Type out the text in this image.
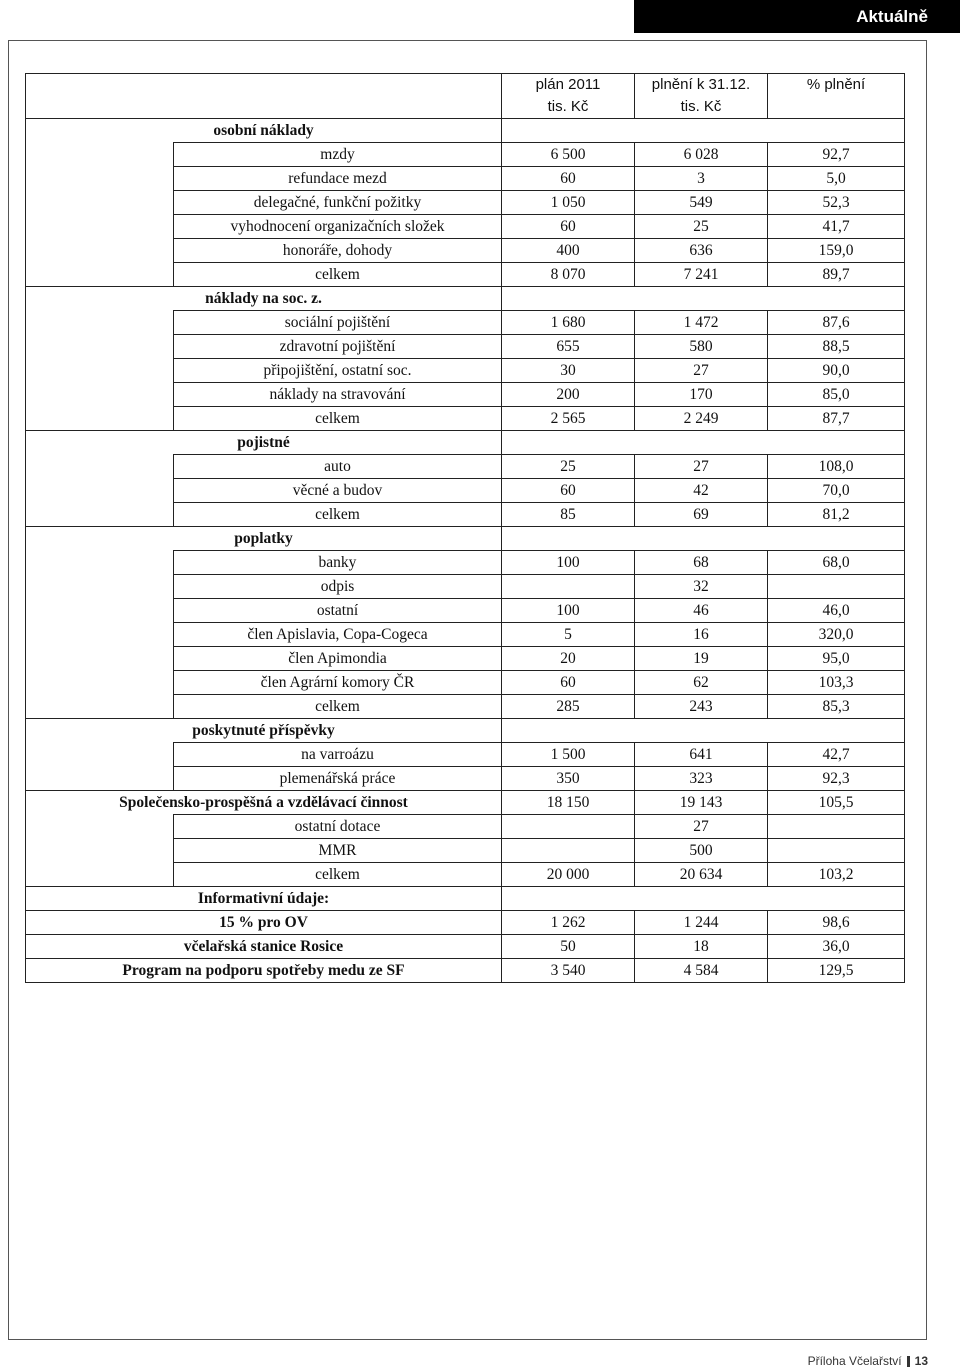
Aktuálně
		plán 2011	plnění k 31.12.	% plnění
		tis. Kč	tis. Kč	
osobní náklady				
	mzdy	6 500	6 028	92,7
	refundace mezd	60	3	5,0
	delegačné, funkční požitky	1 050	549	52,3
	vyhodnocení organizačních složek	60	25	41,7
	honoráře, dohody	400	636	159,0
	celkem	8 070	7 241	89,7
náklady na soc. z.				
	sociální pojištění	1 680	1 472	87,6
	zdravotní pojištění	655	580	88,5
	připojištění, ostatní soc.	30	27	90,0
	náklady na stravování	200	170	85,0
	celkem	2 565	2 249	87,7
pojistné				
	auto	25	27	108,0
	věcné a budov	60	42	70,0
	celkem	85	69	81,2
poplatky				
	banky	100	68	68,0
	odpis		32	
	ostatní	100	46	46,0
	člen Apislavia, Copa-Cogeca	5	16	320,0
	člen Apimondia	20	19	95,0
	člen Agrární komory ČR	60	62	103,3
	celkem	285	243	85,3
poskytnuté příspěvky				
	na varroázu	1 500	641	42,7
	plemenářská práce	350	323	92,3
Společensko-prospěšná a vzdělávací činnost		18 150	19 143	105,5
	ostatní dotace		27	
	MMR		500	
	celkem	20 000	20 634	103,2
Informativní údaje:				
15 % pro OV		1 262	1 244	98,6
včelařská stanice Rosice		50	18	36,0
Program na podporu spotřeby medu ze SF		3 540	4 584	129,5
Příloha Včelařství 13
